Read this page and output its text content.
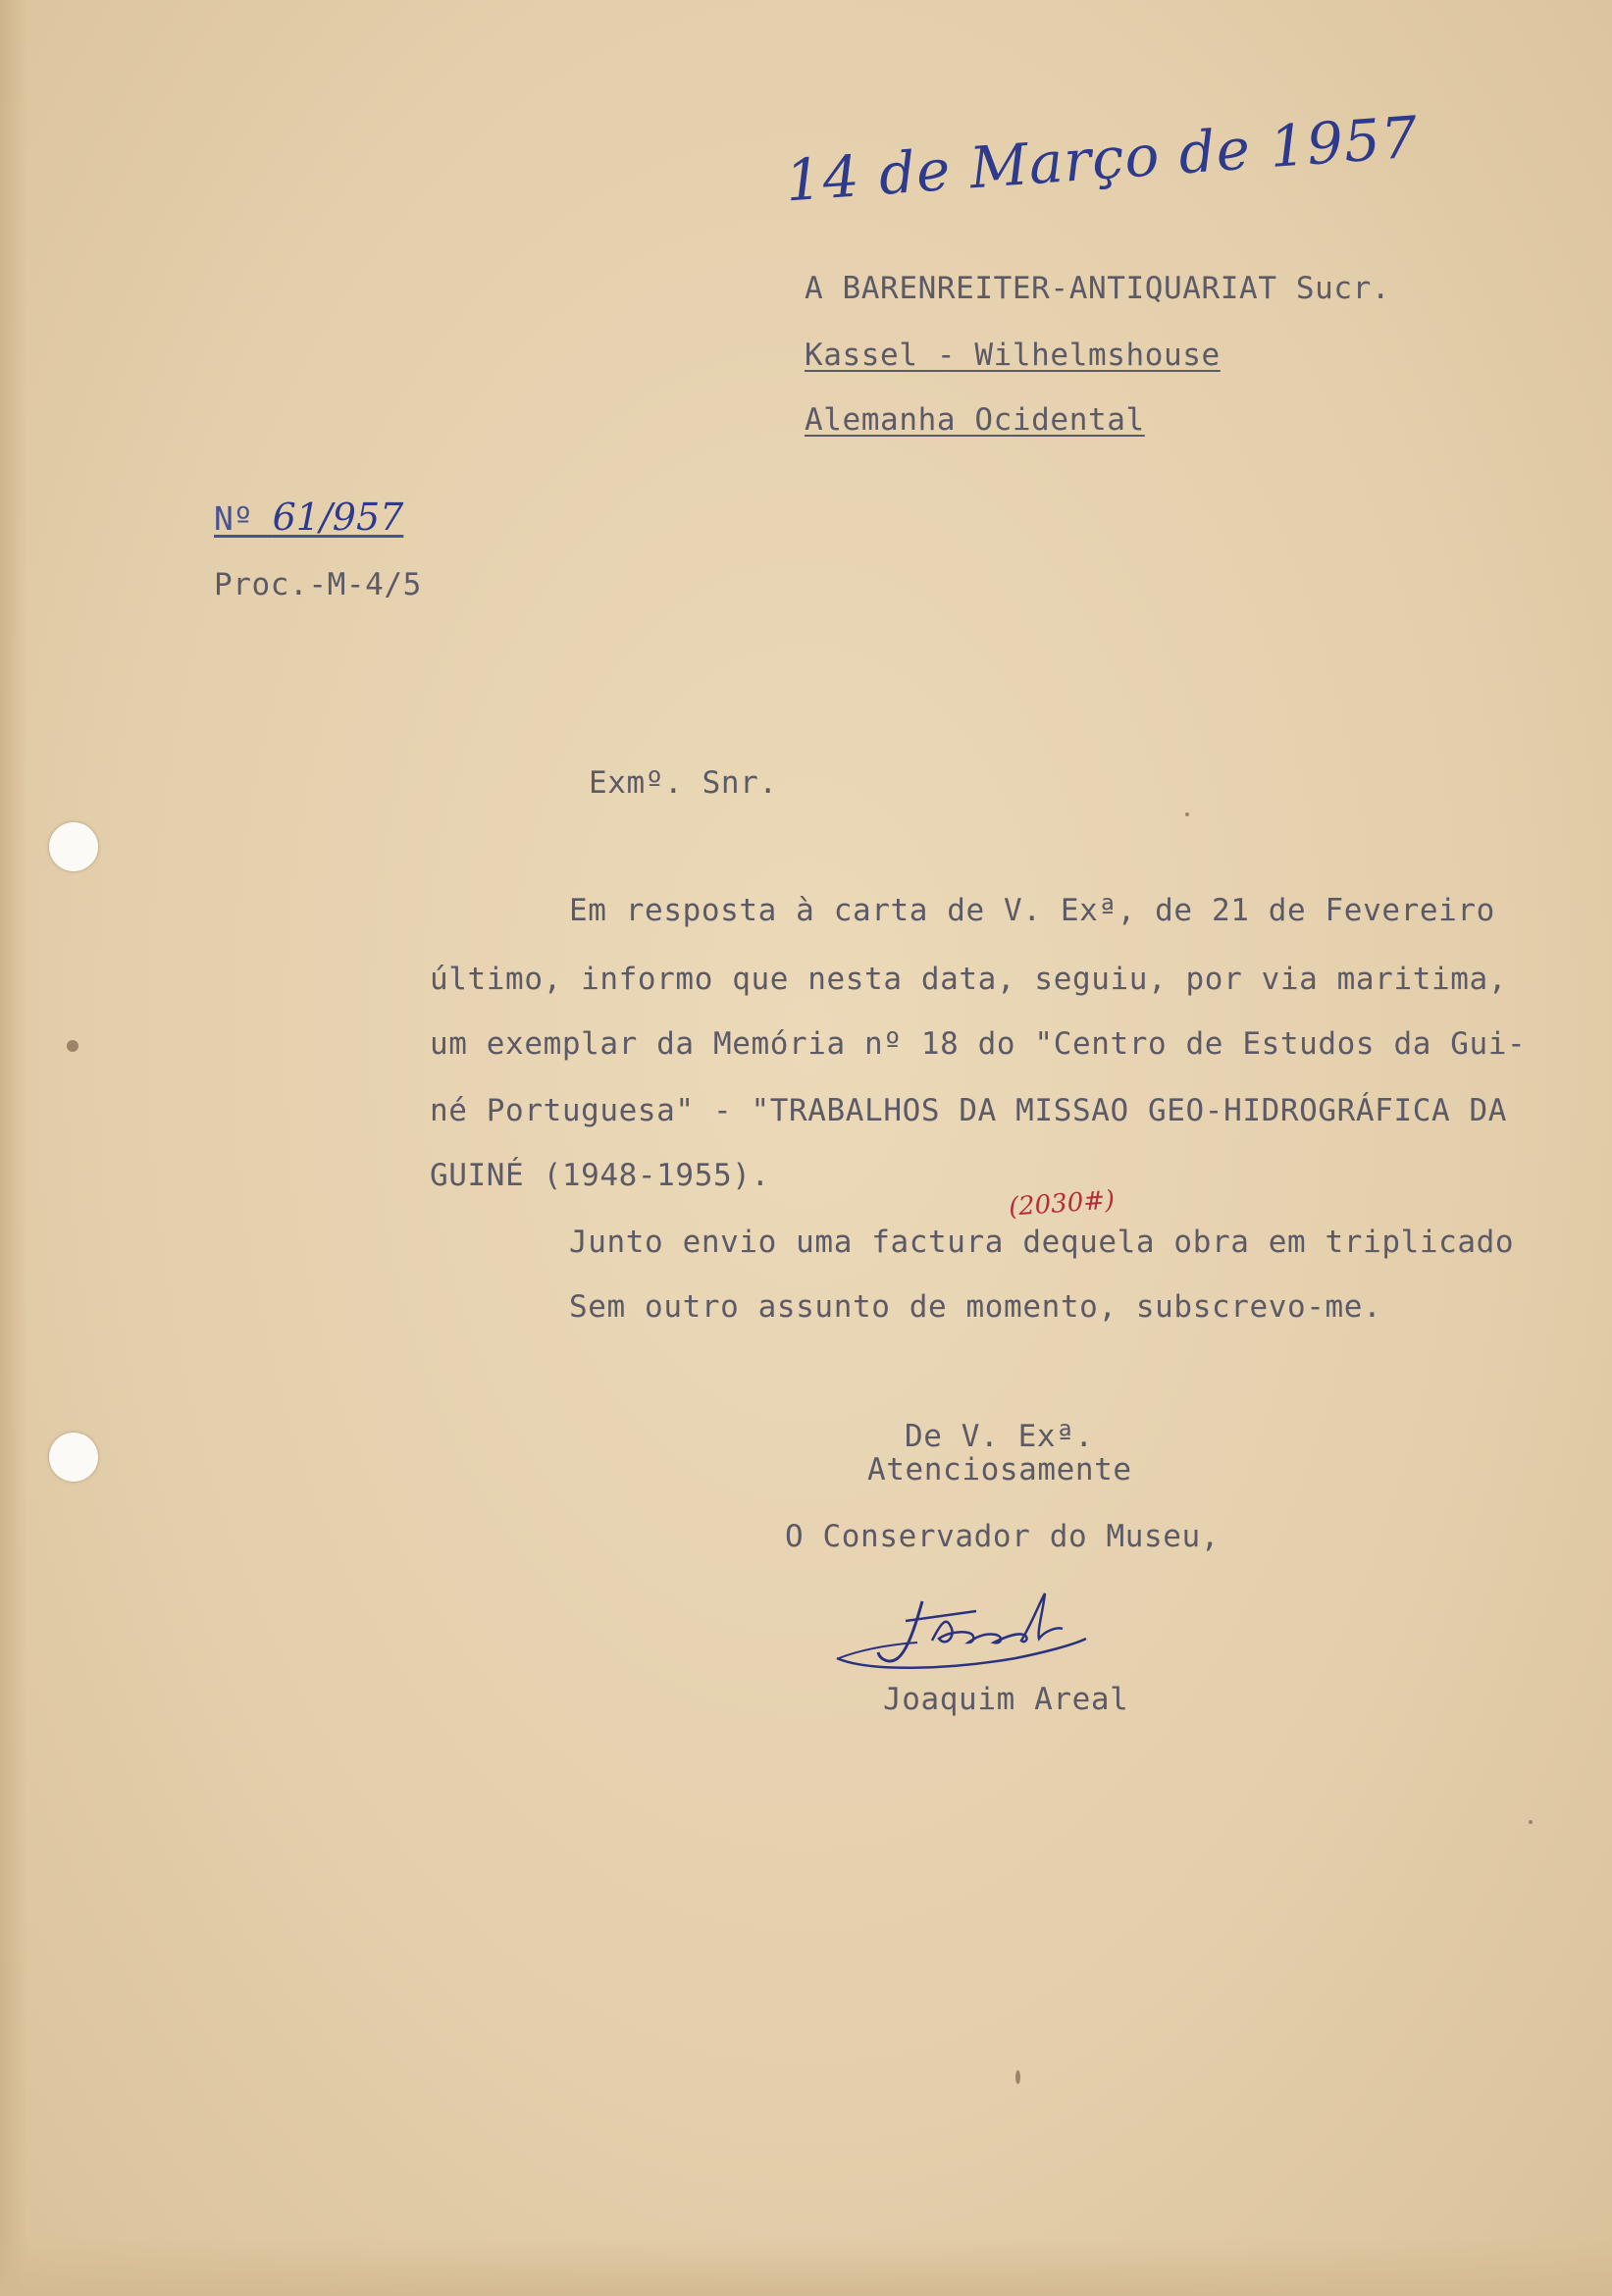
14 de Março de 1957
A BARENREITER-ANTIQUARIAT Sucr.
Kassel - Wilhelmshouse
Alemanha Ocidental
Nº 61/957
Proc.-M-4/5
Exmº. Snr.
Em resposta à carta de V. Exª, de 21 de Fevereiro
último, informo que nesta data, seguiu, por via maritima,
um exemplar da Memória nº 18 do "Centro de Estudos da Gui-
né Portuguesa" - "TRABALHOS DA MISSAO GEO-HIDROGRÁFICA DA
GUINÉ (1948-1955).
(2030#)
Junto envio uma factura dequela obra em triplicado
Sem outro assunto de momento, subscrevo-me.
De V. Exª.
Atenciosamente
O Conservador do Museu,
Joaquim Areal
